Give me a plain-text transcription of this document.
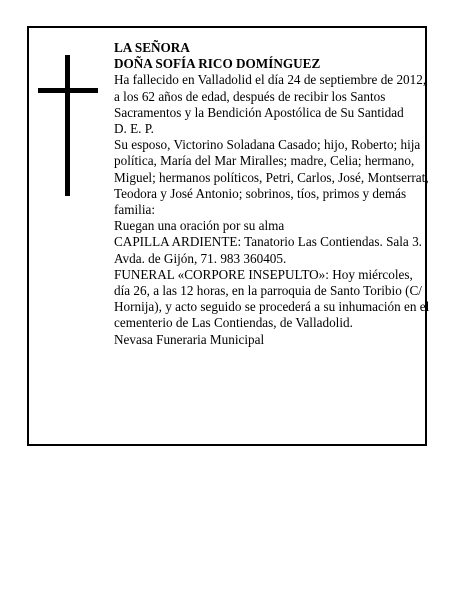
LA SEÑORA

DOÑA SOFÍA RICO DOMÍNGUEZ

Ha fallecido en Valladolid el día 24 de septiembre de 2012, a los 62 años de edad, después de recibir los Santos Sacramentos y la Bendición Apostólica de Su Santidad

D. E. P.

Su esposo, Victorino Soladana Casado; hijo, Roberto; hija política, María del Mar Miralles; madre, Celia; hermano, Miguel; hermanos políticos, Petri, Carlos, José, Montserrat, Teodora y José Antonio; sobrinos, tíos, primos y demás familia:

Ruegan una oración por su alma

CAPILLA ARDIENTE: Tanatorio Las Contiendas. Sala 3. Avda. de Gijón, 71. 983 360405.

FUNERAL «CORPORE INSEPULTO»: Hoy miércoles, día 26, a las 12 horas, en la parroquia de Santo Toribio (C/ Hornija), y acto seguido se procederá a su inhumación en el cementerio de Las Contiendas, de Valladolid.

Nevasa Funeraria Municipal
